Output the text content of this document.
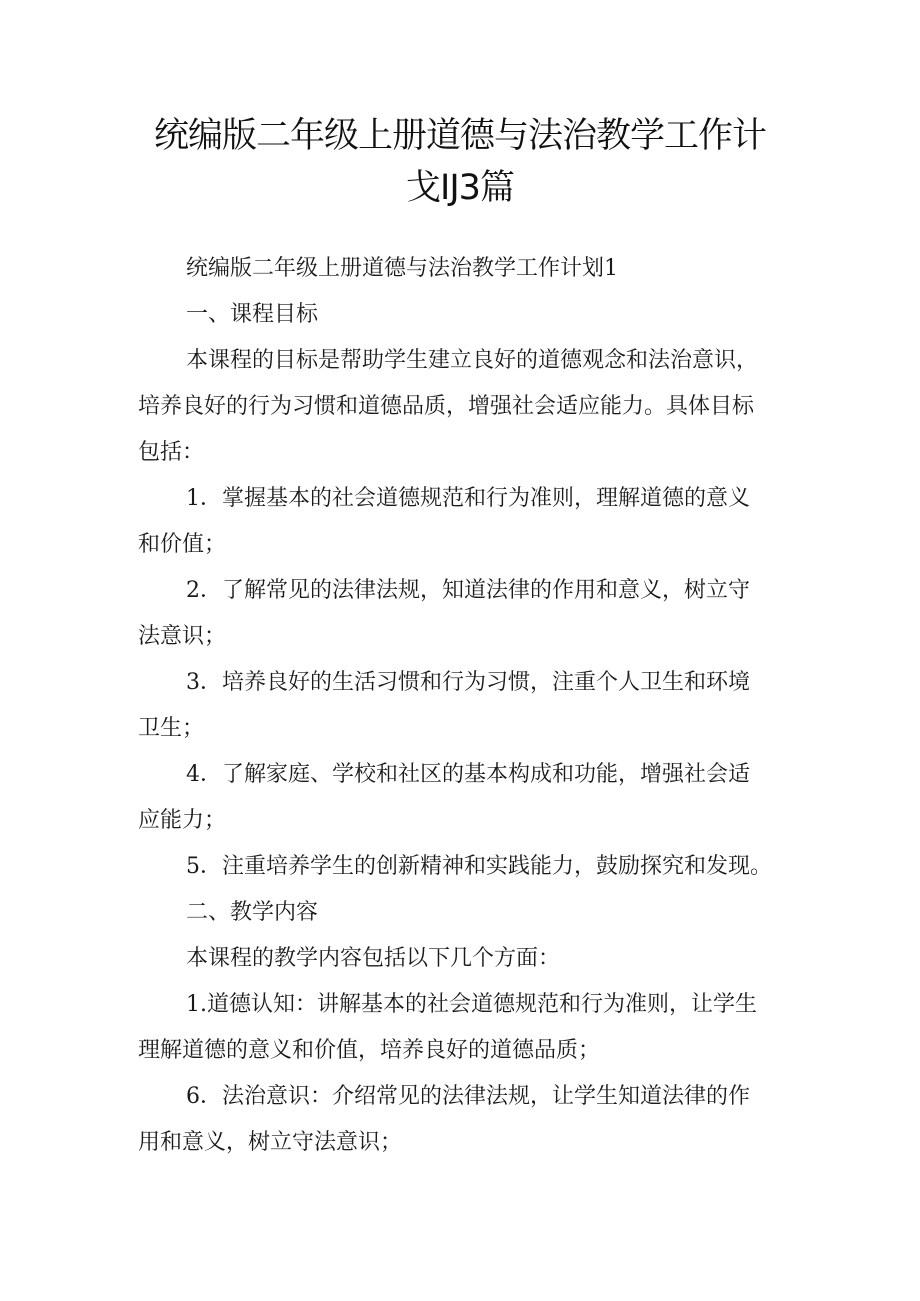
统编版二年级上册道德与法治教学工作计
戈IJ3篇
统编版二年级上册道德与法治教学工作计划1
一、课程目标
本课程的目标是帮助学生建立良好的道德观念和法治意识，
培养良好的行为习惯和道德品质，增强社会适应能力。具体目标
包括：
1．掌握基本的社会道德规范和行为准则，理解道德的意义
和价值；
2．了解常见的法律法规，知道法律的作用和意义，树立守
法意识；
3．培养良好的生活习惯和行为习惯，注重个人卫生和环境
卫生；
4．了解家庭、学校和社区的基本构成和功能，增强社会适
应能力；
5．注重培养学生的创新精神和实践能力，鼓励探究和发现。
二、教学内容
本课程的教学内容包括以下几个方面：
1.道德认知：讲解基本的社会道德规范和行为准则，让学生
理解道德的意义和价值，培养良好的道德品质；
6．法治意识：介绍常见的法律法规，让学生知道法律的作
用和意义，树立守法意识；
